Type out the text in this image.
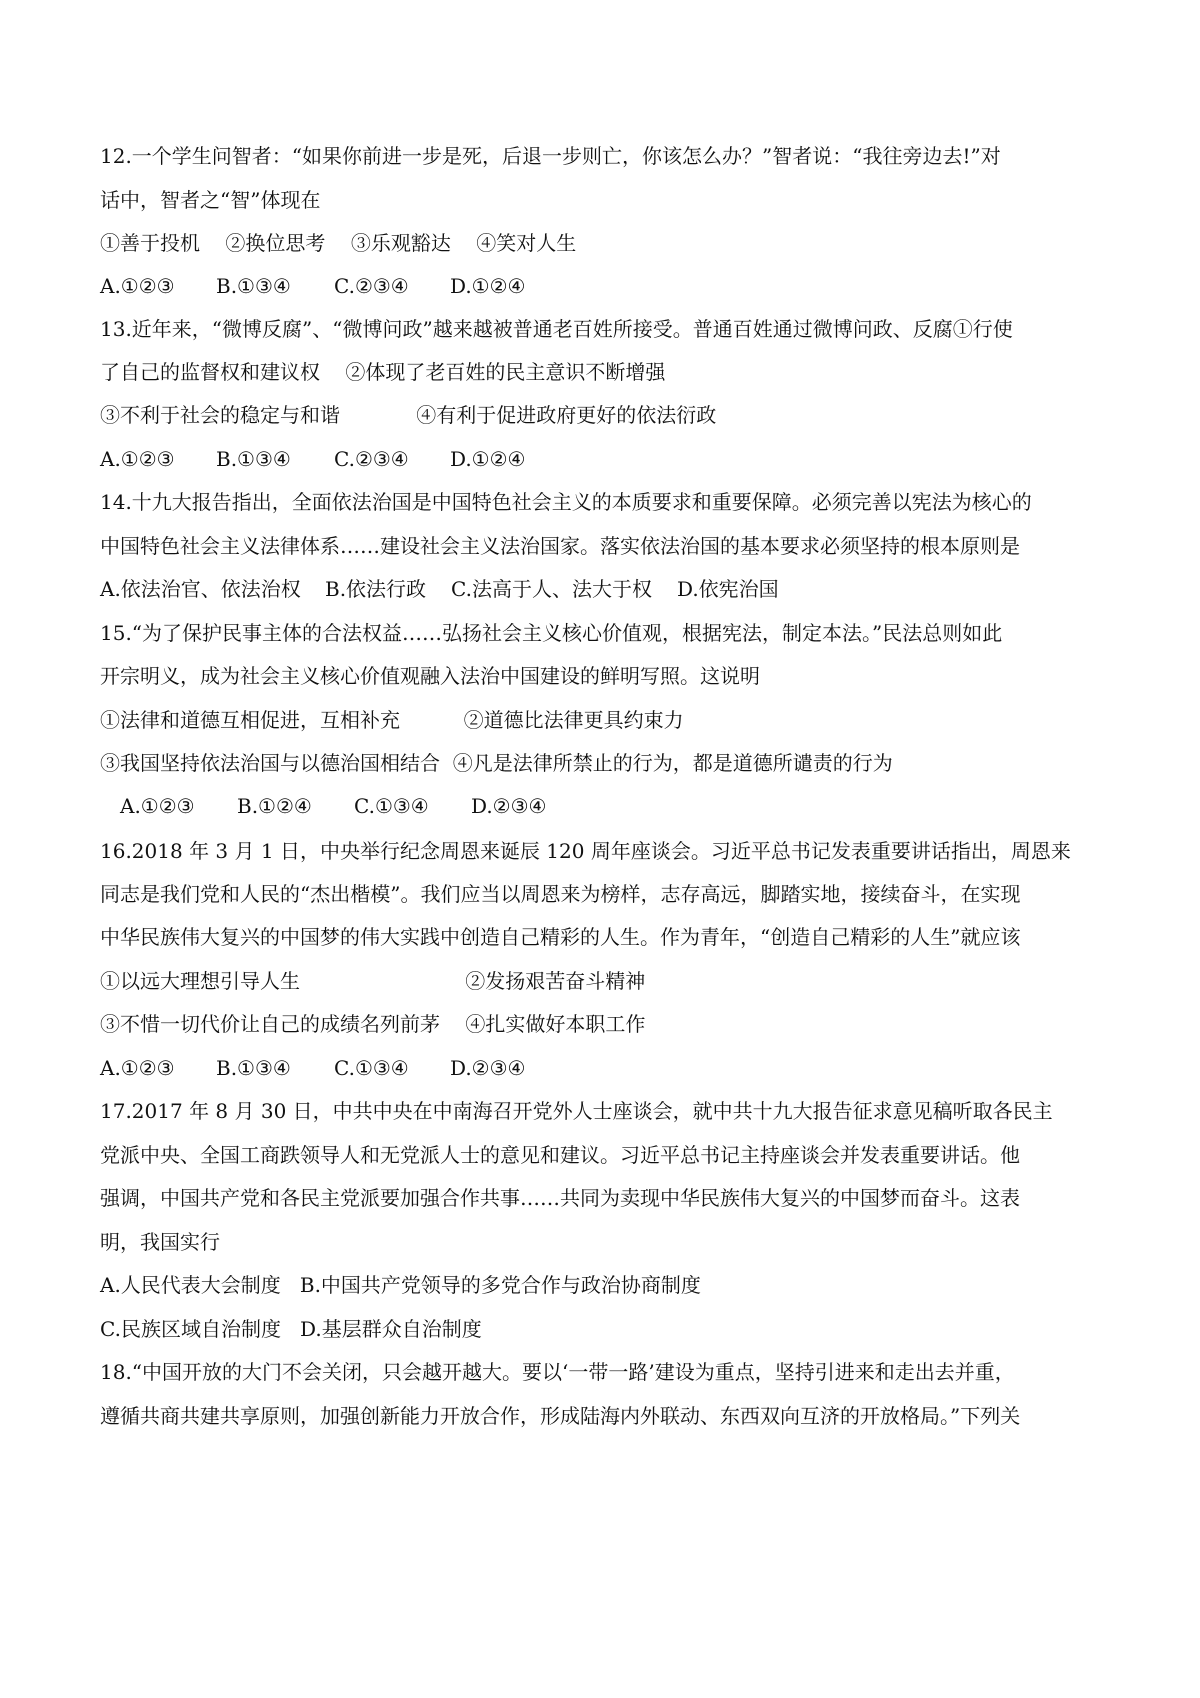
12.一个学生问智者：“如果你前进一步是死，后退一步则亡，你该怎么办？”智者说：“我往旁边去!”对
话中，智者之“智”体现在
①善于投机    ②换位思考    ③乐观豁达    ④笑对人生
A.①②③	B.①③④	C.②③④	D.①②④
13.近年来，“微博反腐”、“微博问政”越来越被普通老百姓所接受。普通百姓通过微博问政、反腐①行使
了自己的监督权和建议权    ②体现了老百姓的民主意识不断增强
③不利于社会的稳定与和谐            ④有利于促进政府更好的依法衍政
A.①②③	B.①③④	C.②③④	D.①②④
14.十九大报告指出，全面依法治国是中国特色社会主义的本质要求和重要保障。必须完善以宪法为核心的
中国特色社会主义法律体系……建设社会主义法治国家。落实依法治国的基本要求必须坚持的根本原则是
A.依法治官、依法治权	B.依法行政	C.法高于人、法大于权	D.依宪治国
15.“为了保护民事主体的合法权益……弘扬社会主义核心价值观，根据宪法，制定本法。”民法总则如此
开宗明义，成为社会主义核心价值观融入法治中国建设的鲜明写照。这说明
①法律和道德互相促进，互相补充          ②道德比法律更具约束力
③我国坚持依法治国与以德治国相结合  ④凡是法律所禁止的行为，都是道德所谴责的行为
A.①②③	B.①②④	C.①③④	D.②③④
16.2018 年 3 月 1 日，中央举行纪念周恩来诞辰 120 周年座谈会。习近平总书记发表重要讲话指出，周恩来
同志是我们党和人民的“杰出楷模”。我们应当以周恩来为榜样，志存高远，脚踏实地，接续奋斗，在实现
中华民族伟大复兴的中国梦的伟大实践中创造自己精彩的人生。作为青年，“创造自己精彩的人生”就应该
①以远大理想引导人生                          ②发扬艰苦奋斗精神
③不惜一切代价让自己的成绩名列前茅    ④扎实做好本职工作
A.①②③	B.①③④	C.①③④	D.②③④
17.2017 年 8 月 30 日，中共中央在中南海召开党外人士座谈会，就中共十九大报告征求意见稿听取各民主
党派中央、全国工商跌领导人和无党派人士的意见和建议。习近平总书记主持座谈会并发表重要讲话。他
强调，中国共产党和各民主党派要加强合作共事……共同为卖现中华民族伟大复兴的中国梦而奋斗。这表
明，我国实行
A.人民代表大会制度   B.中国共产党领导的多党合作与政治协商制度
C.民族区域自治制度   D.基层群众自治制度
18.“中国开放的大门不会关闭，只会越开越大。要以‘一带一路’建设为重点，坚持引进来和走出去并重，
遵循共商共建共享原则，加强创新能力开放合作，形成陆海内外联动、东西双向互济的开放格局。”下列关
